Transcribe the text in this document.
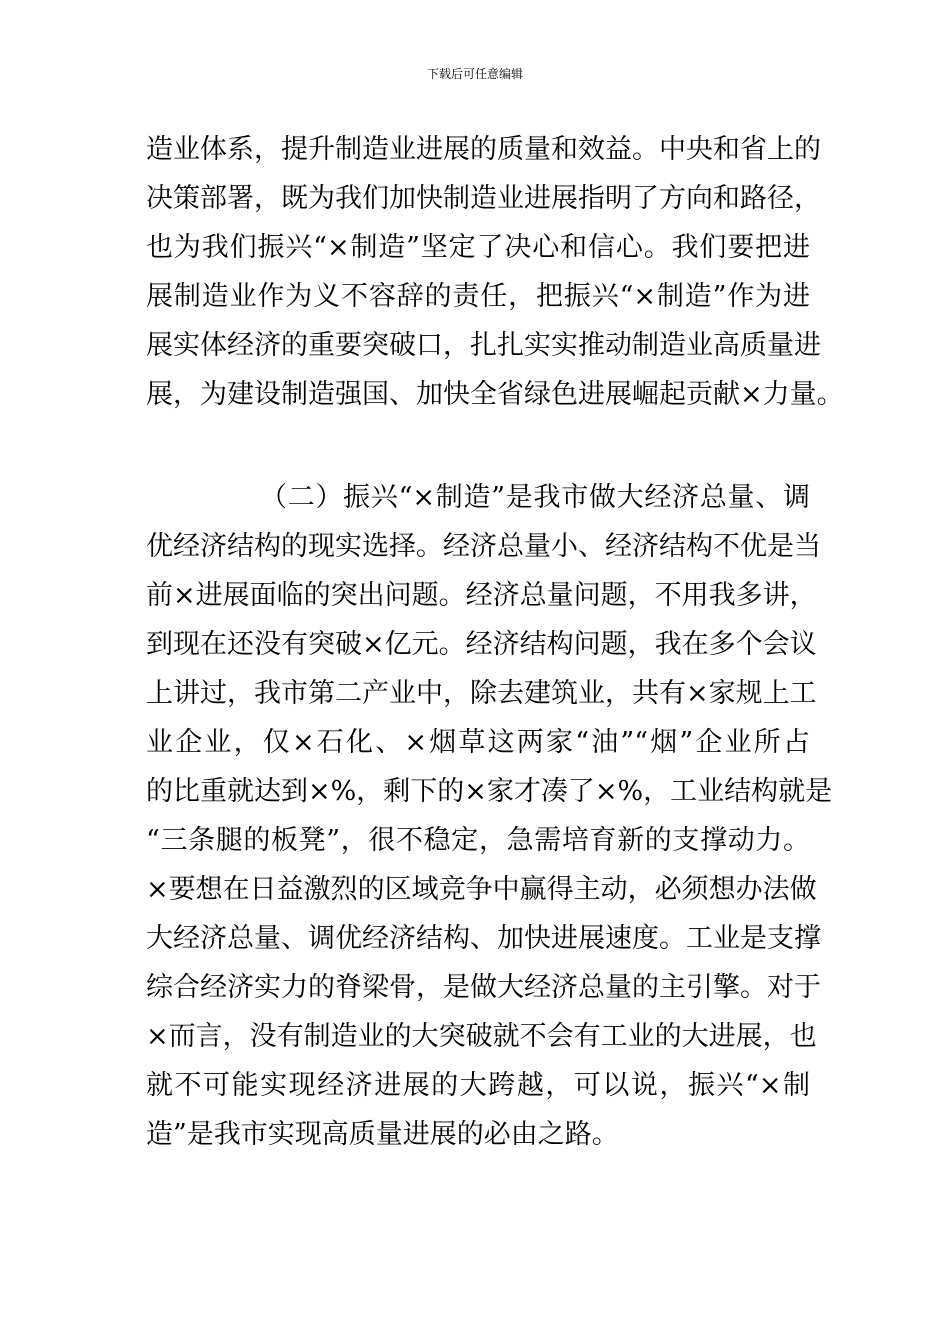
下载后可任意编辑
造业体系，提升制造业进展的质量和效益。中央和省上的
决策部署，既为我们加快制造业进展指明了方向和路径，
也为我们振兴“×制造”坚定了决心和信心。我们要把进
展制造业作为义不容辞的责任，把振兴“×制造”作为进
展实体经济的重要突破口，扎扎实实推动制造业高质量进
展，为建设制造强国、加快全省绿色进展崛起贡献×力量。
（二）振兴“×制造”是我市做大经济总量、调
优经济结构的现实选择。经济总量小、经济结构不优是当
前×进展面临的突出问题。经济总量问题，不用我多讲，
到现在还没有突破×亿元。经济结构问题，我在多个会议
上讲过，我市第二产业中，除去建筑业，共有×家规上工
业企业，仅×石化、×烟草这两家“油”“烟”企业所占
的比重就达到×%，剩下的×家才凑了×%，工业结构就是
“三条腿的板凳”，很不稳定，急需培育新的支撑动力。
×要想在日益激烈的区域竞争中赢得主动，必须想办法做
大经济总量、调优经济结构、加快进展速度。工业是支撑
综合经济实力的脊梁骨，是做大经济总量的主引擎。对于
×而言，没有制造业的大突破就不会有工业的大进展，也
就不可能实现经济进展的大跨越，可以说，振兴“×制
造”是我市实现高质量进展的必由之路。
